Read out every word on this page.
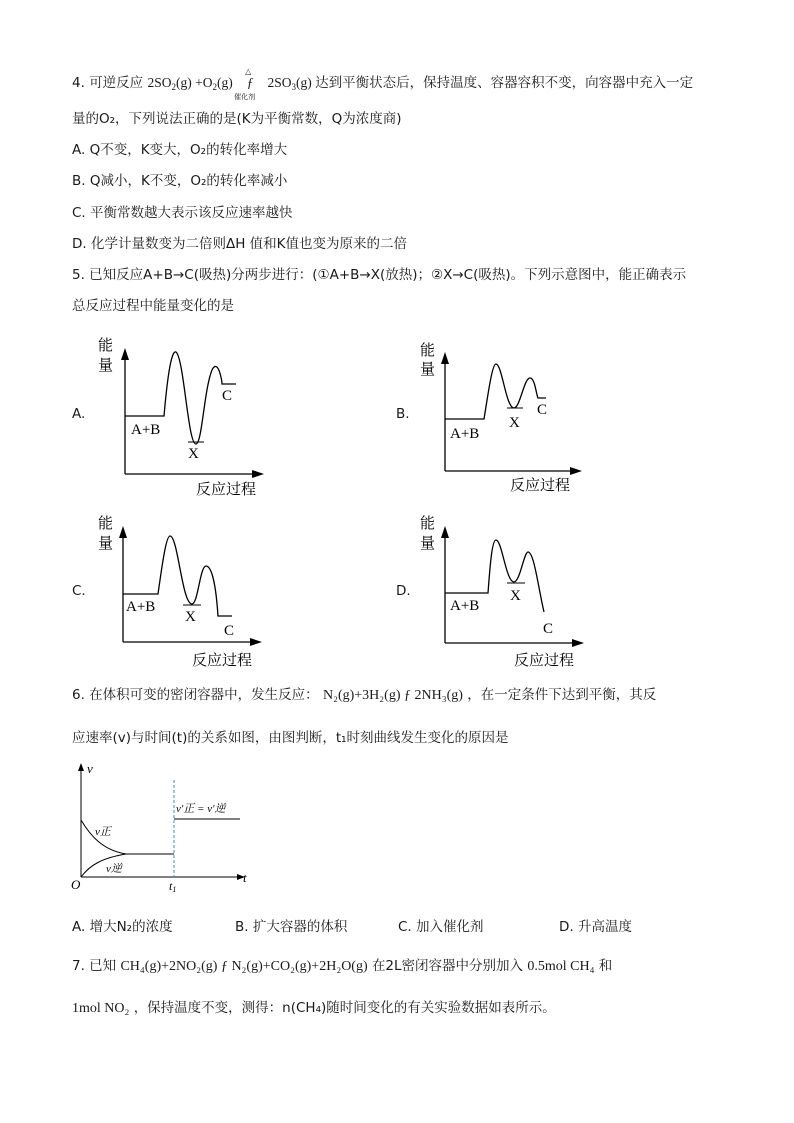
4. 可逆反应 $2SO_2(g) +O_2(g)$
△
ƒ
催化剂
$2SO_3(g)$ 达到平衡状态后，保持温度、容器容积不变，向容器中充入一定
量的O₂，下列说法正确的是(K为平衡常数，Q为浓度商)
A. Q不变，K变大，O₂的转化率增大
B. Q减小，K不变，O₂的转化率减小
C. 平衡常数越大表示该反应速率越快
D. 化学计量数变为二倍则ΔH 值和K值也变为原来的二倍
5. 已知反应A+B→C(吸热)分两步进行：(①A+B→X(放热)；②X→C(吸热)。下列示意图中，能正确表示
总反应过程中能量变化的是
A.
能
量
A+B
X
C
反应过程
B.
能
量
A+B
X
C
反应过程
C.
能
量
A+B
X
C
反应过程
D.
能
量
A+B
X
C
反应过程
6. 在体积可变的密闭容器中，发生反应： N₂(g)+3H₂(g) ƒ 2NH₃(g) ，在一定条件下达到平衡，其反
应速率(v)与时间(t)的关系如图，由图判断，t₁时刻曲线发生变化的原因是
v
t
O
v正
v逆
v′正 = v′逆
t1
A. 增大N₂的浓度	B. 扩大容器的体积	C. 加入催化剂	D. 升高温度
7. 已知 CH₄(g)+2NO₂(g) ƒ N₂(g)+CO₂(g)+2H₂O(g) 在2L密闭容器中分别加入 0.5mol CH₄ 和
1mol NO₂ ，保持温度不变，测得：n(CH₄)随时间变化的有关实验数据如表所示。
